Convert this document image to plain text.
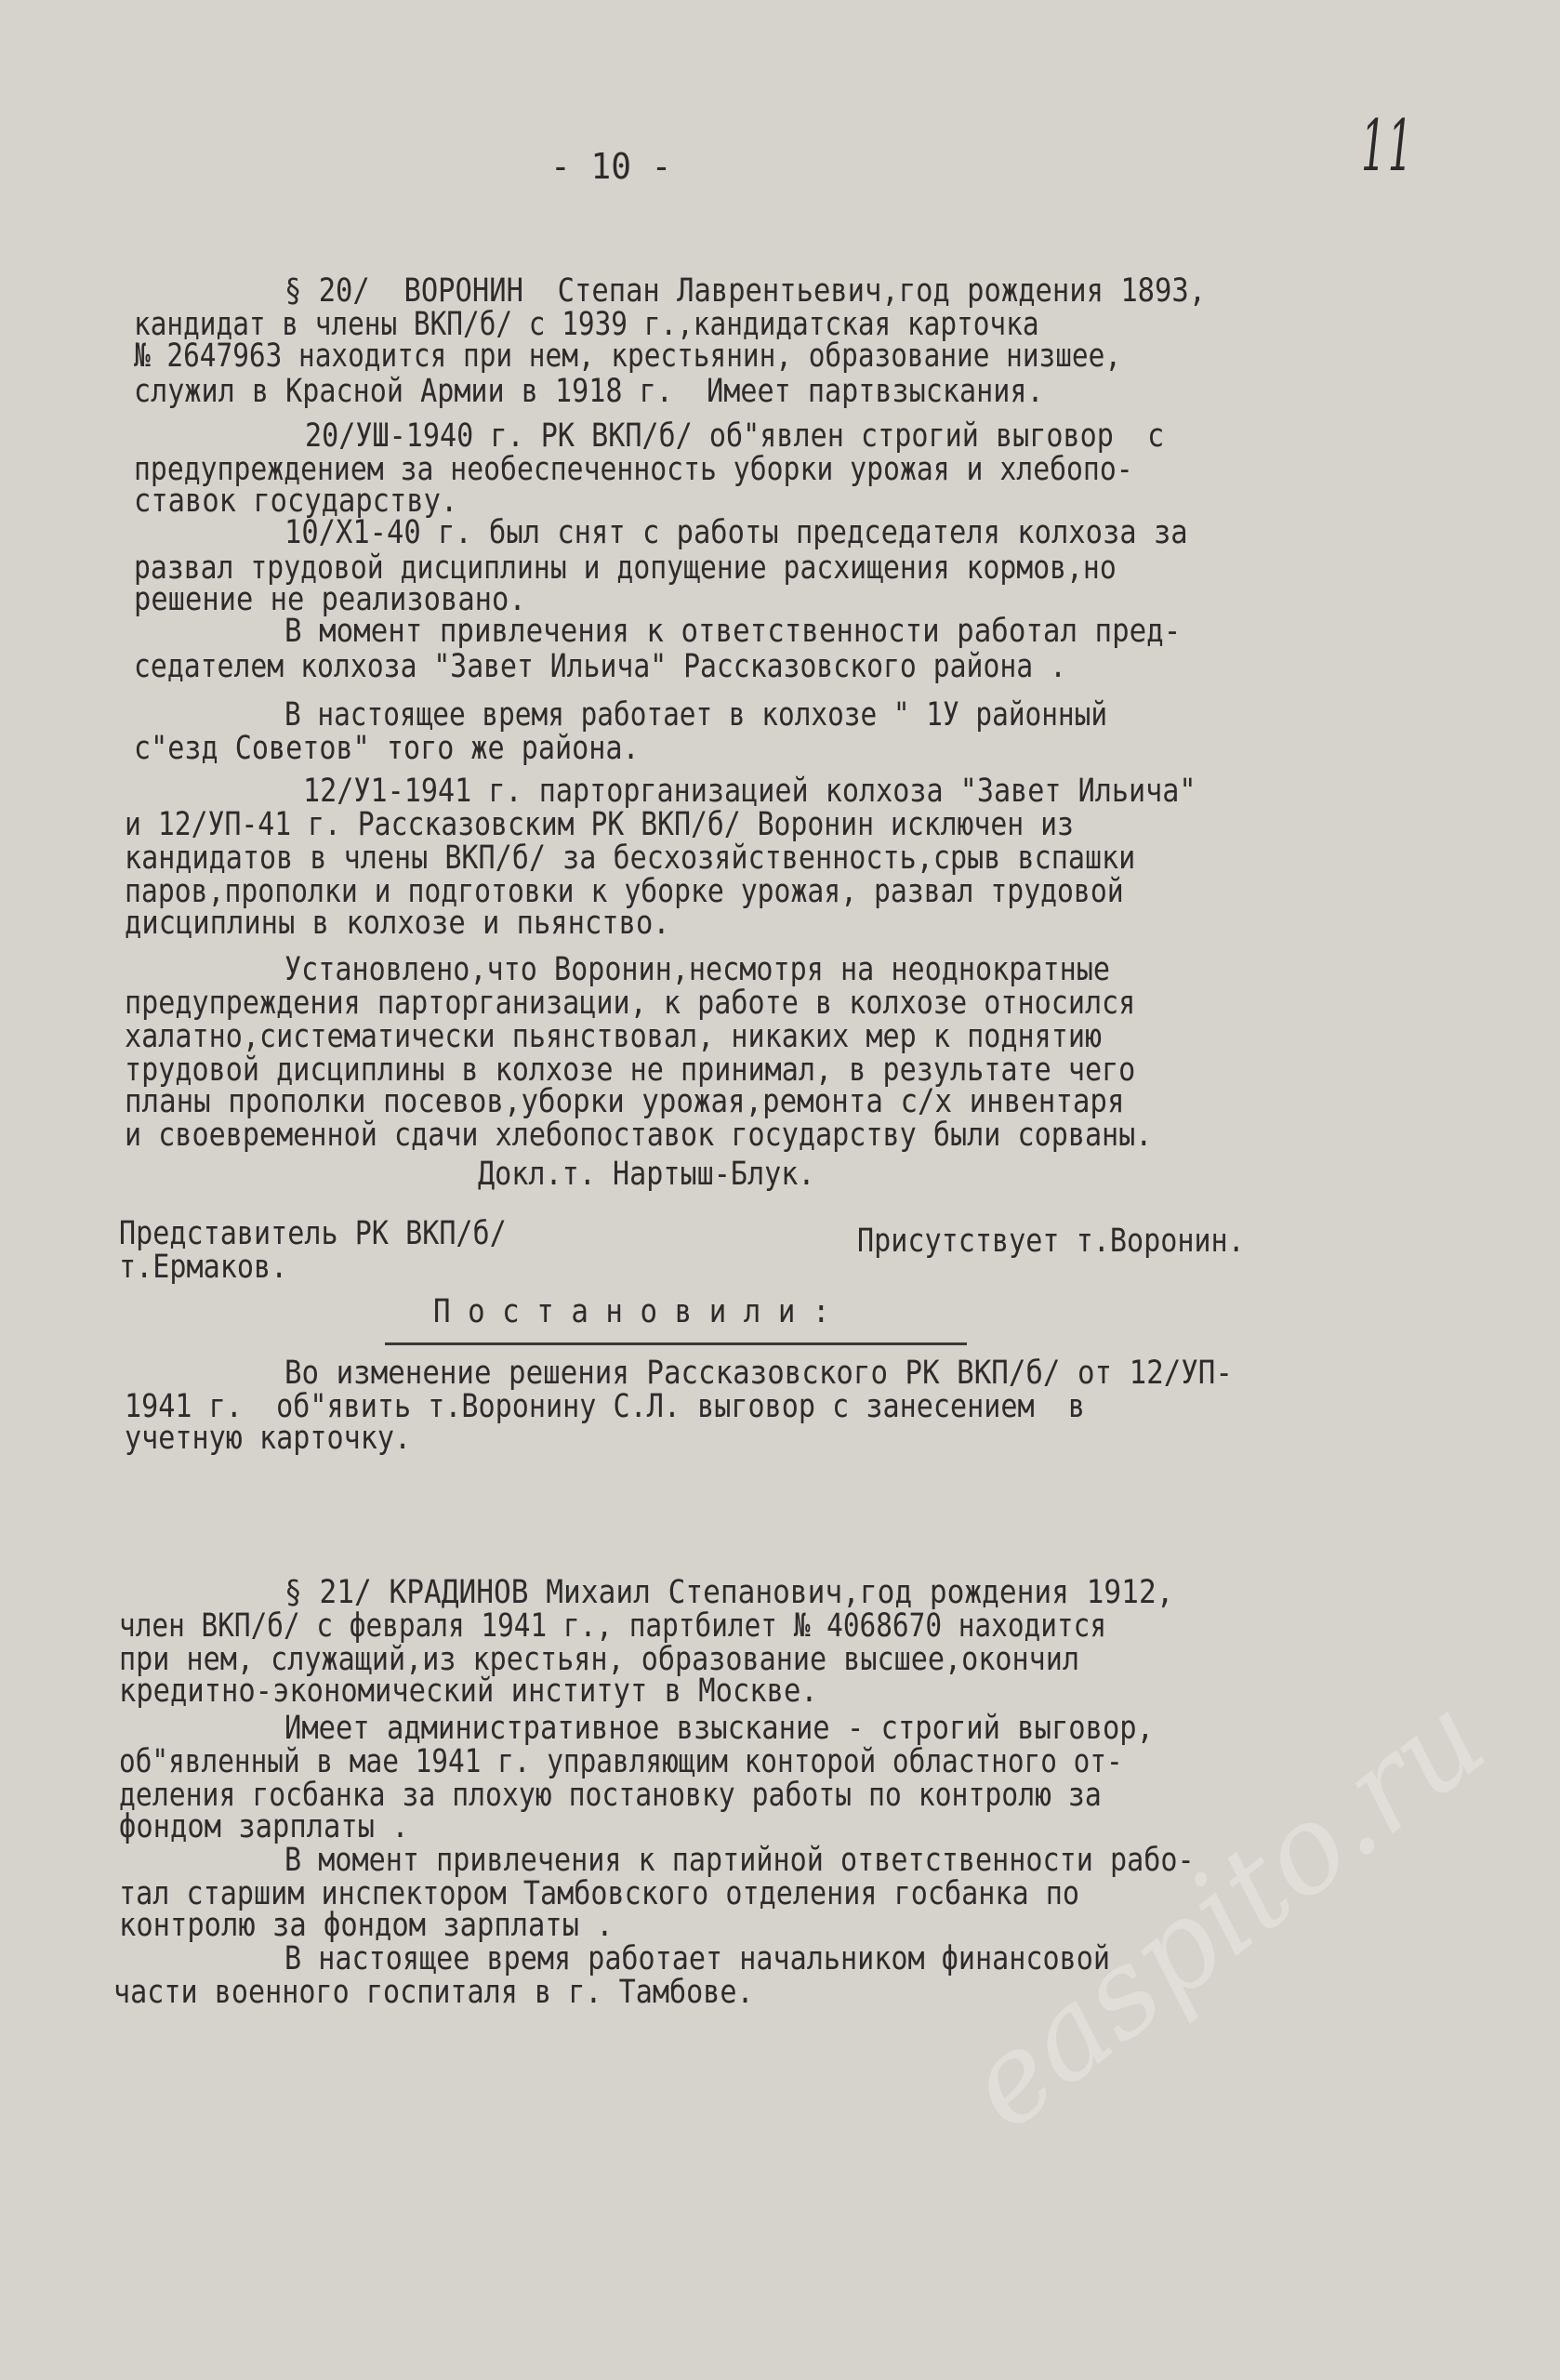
- 10 -	11
§ 20/  ВОРОНИН  Степан Лаврентьевич,год рождения 1893,
кандидат в члены ВКП/б/ с 1939 г.,кандидатская карточка
№ 2647963 находится при нем, крестьянин, образование низшее,
служил в Красной Армии в 1918 г.  Имеет партвзыскания.
20/УШ-1940 г. РК ВКП/б/ об"явлен строгий выговор  с
предупреждением за необеспеченность уборки урожая и хлебопо-
ставок государству.
10/Х1-40 г. был снят с работы председателя колхоза за
развал трудовой дисциплины и допущение расхищения кормов,но
решение не реализовано.
В момент привлечения к ответственности работал пред-
седателем колхоза "Завет Ильича" Рассказовского района .
В настоящее время работает в колхозе " 1У районный
с"езд Советов" того же района.
12/У1-1941 г. парторганизацией колхоза "Завет Ильича"
и 12/УП-41 г. Рассказовским РК ВКП/б/ Воронин исключен из
кандидатов в члены ВКП/б/ за бесхозяйственность,срыв вспашки
паров,прополки и подготовки к уборке урожая, развал трудовой
дисциплины в колхозе и пьянство.
Установлено,что Воронин,несмотря на неоднократные
предупреждения парторганизации, к работе в колхозе относился
халатно,систематически пьянствовал, никаких мер к поднятию
трудовой дисциплины в колхозе не принимал, в результате чего
планы прополки посевов,уборки урожая,ремонта с/х инвентаря
и своевременной сдачи хлебопоставок государству были сорваны.
Докл.т. Нартыш-Блук.
Представитель РК ВКП/б/
т.Ермаков.
Присутствует т.Воронин.
П о с т а н о в и л и :
Во изменение решения Рассказовского РК ВКП/б/ от 12/УП-
1941 г.  об"явить т.Воронину С.Л. выговор с занесением  в
учетную карточку.
§ 21/ КРАДИНОВ Михаил Степанович,год рождения 1912,
член ВКП/б/ с февраля 1941 г., партбилет № 4068670 находится
при нем, служащий,из крестьян, образование высшее,окончил
кредитно-экономический институт в Москве.
Имеет административное взыскание - строгий выговор,
об"явленный в мае 1941 г. управляющим конторой областного от-
деления госбанка за плохую постановку работы по контролю за
фондом зарплаты .
В момент привлечения к партийной ответственности рабо-
тал старшим инспектором Тамбовского отделения госбанка по
контролю за фондом зарплаты .
В настоящее время работает начальником финансовой
части военного госпиталя в г. Тамбове. easpito.ru
